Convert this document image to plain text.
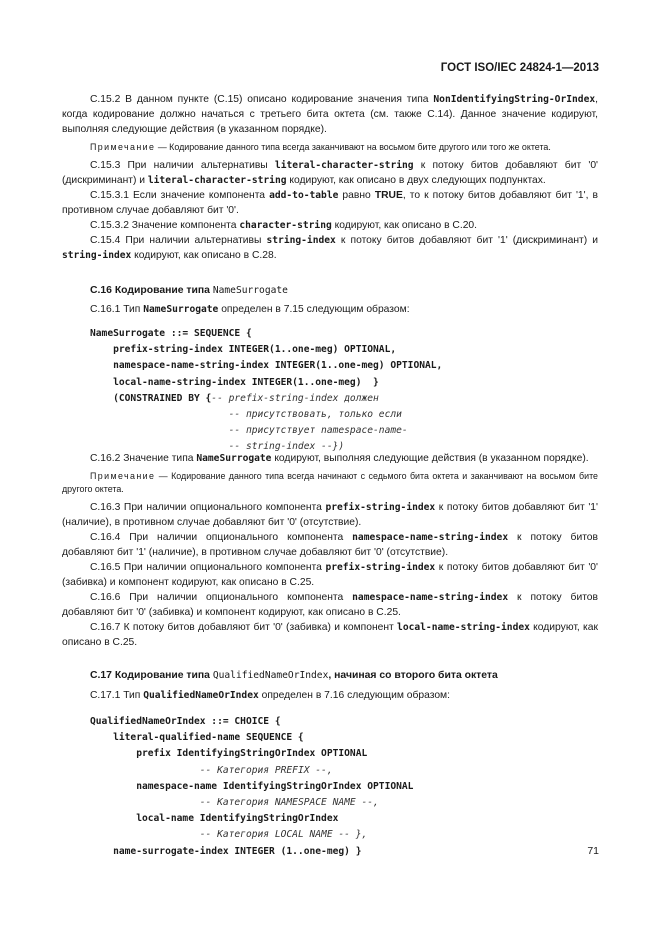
ГОСТ ISO/IEC 24824-1—2013

C.15.2 В данном пункте (C.15) описано кодирование значения типа NonIdentifyingString-OrIndex, когда кодирование должно начаться с третьего бита октета (см. также C.14). Данное значение кодируют, выполняя следующие действия (в указанном порядке).

Примечание — Кодирование данного типа всегда заканчивают на восьмом бите другого или того же октета.

C.15.3 При наличии альтернативы literal-character-string к потоку битов добавляют бит '0' (дискриминант) и literal-character-string кодируют, как описано в двух следующих подпунктах.

C.15.3.1 Если значение компонента add-to-table равно TRUE, то к потоку битов добавляют бит '1', в противном случае добавляют бит '0'.

C.15.3.2 Значение компонента character-string кодируют, как описано в C.20.

C.15.4 При наличии альтернативы string-index к потоку битов добавляют бит '1' (дискриминант) и string-index кодируют, как описано в C.28.

C.16 Кодирование типа NameSurrogate

C.16.1 Тип NameSurrogate определен в 7.15 следующим образом:

NameSurrogate ::= SEQUENCE {
prefix-string-index INTEGER(1..one-meg) OPTIONAL,
namespace-name-string-index INTEGER(1..one-meg) OPTIONAL,
local-name-string-index INTEGER(1..one-meg)  }
(CONSTRAINED BY {-- prefix-string-index должен
-- присутствовать, только если
-- присутствует namespace-name-
-- string-index --})

C.16.2 Значение типа NameSurrogate кодируют, выполняя следующие действия (в указанном порядке).

Примечание — Кодирование данного типа всегда начинают с седьмого бита октета и заканчивают на восьмом бите другого октета.

C.16.3 При наличии опционального компонента prefix-string-index к потоку битов добавляют бит '1' (наличие), в противном случае добавляют бит '0' (отсутствие).

C.16.4 При наличии опционального компонента namespace-name-string-index к потоку битов добавляют бит '1' (наличие), в противном случае добавляют бит '0' (отсутствие).

C.16.5 При наличии опционального компонента prefix-string-index к потоку битов добавляют бит '0' (забивка) и компонент кодируют, как описано в C.25.

C.16.6 При наличии опционального компонента namespace-name-string-index к потоку битов добавляют бит '0' (забивка) и компонент кодируют, как описано в C.25.

C.16.7 К потоку битов добавляют бит '0' (забивка) и компонент local-name-string-index кодируют, как описано в C.25.

C.17 Кодирование типа QualifiedNameOrIndex, начиная со второго бита октета

C.17.1 Тип QualifiedNameOrIndex определен в 7.16 следующим образом:

QualifiedNameOrIndex ::= CHOICE {
literal-qualified-name SEQUENCE {
prefix IdentifyingStringOrIndex OPTIONAL
-- Категория PREFIX --,
namespace-name IdentifyingStringOrIndex OPTIONAL
-- Категория NAMESPACE NAME --,
local-name IdentifyingStringOrIndex
-- Категория LOCAL NAME -- },
name-surrogate-index INTEGER (1..one-meg) }	71
